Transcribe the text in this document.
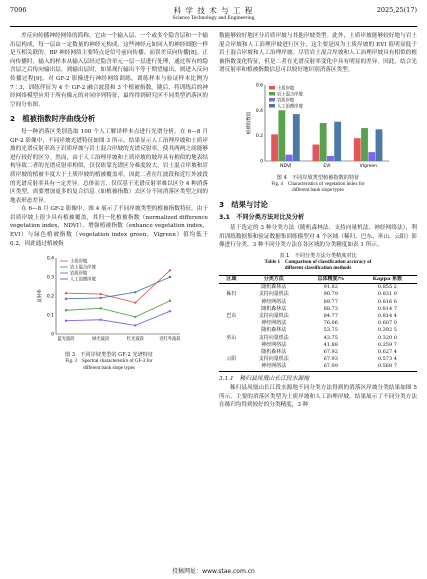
7096	科 学 技 术 与 工 程
Science Technology and Engineering
2025,25(17)

差反向传播神经网络的简称，它由一个输入层、一个或多个隐含层和一个输出层构成，每一层由一定数量的神经元构成，这些神经元如同人的神经细胞一样是互相关联的。BP 神经网络主要特点是信号前向传播、而误差反向传播[8]。正向传播时，输入的样本从输入层经过隐含单元一层一层进行处理，通过所有的隐含层之后传向输出层。到输出层时，如果现行输出不等于期望输出，则进入反向传播过程[9]。对 GF-2 影像进行神经网络训练，训练样本与验证样本比例为 7∶3，训练伴征为 4 个 GF-2 融合波段和 3 个植被指数。随后，将训练后的神经网络模型应用于所有像元的对同序列特征，最终得到研究区不同类型消落区的空间分布图。

2　植被指数时序曲线分析

每一种消落区类别选取 100 个人工解译样本点进行光谱分析。在 6—8 月 GF-2 影像中，不同岸坡光谱特征如图 3 所示。结果显示人工治理岸坡和土质岸坡的光谱反射率高于岩质岸坡与岩土混合岸坡的光谱反射率，使其两两之间能够进行较好的区分。然而，由于人工治理岸坡和土质岸坡的坡岸具有相似的地表结构导致二者的光谱反射率相似，仅仅依靠光谱区分难度较大。岩土混合岸坡和岩质岸坡的植被丰度大于土质岸坡的植被覆盖率，因此二者在红波段和近红外波段的光谱反射率具有一定差异。总体而言，仅仅基于光谱反射率难以区分 4 种消落区类型，需要增加更多的复合信息（如植被指数）去区分不同消落区类型之间的地表形态差异。

在 6—8 月 GF-2 影像中，图 4 展示了不同岸坡类型的植被指数特征。由于岩质岸坡上很少具有植被覆盖，其归一化植被指数（normalized difference vegetation index，NDVI）、增强植被指数（enhance vegetation index，EVI）与绿色植被指数（vegetation index green，Vlgreen）值均低于 0.2，因此通过植被指

0
0.1
0.2
0.3
0.4
蓝光波段	绿光波段	红光波段	近红外波段
反射率
土质岸坡
岩土混合岸坡
岩质岸坡
人工治理岸坡
图 3　不同岸坡类型的 GF-2 光谱特征
Fig. 3　Spectral characteristics of GF-2 for
different bank slope types

数能够较好地区分岩质岸坡与其他岸坡类型。此外，土质岸坡能够较好地与岩土混合岸坡和人工治理岸坡进行区分，这主要是因为土质岸坡的 EVI 值明显低于岩土混合岸坡和人工治理岸坡。尽管岩土混合岸坡和人工治理岸坡具有相似的植被指数变化特征，但是二者在光谱反射率变化中具有明显的差异。因此，结合光谱反射率和植被指数信息可以较好地识别消落区类型。

0
0.2
0.4
0.6
植被指数值
NDVI	EVI	Vlgreen
土质岸坡
岩土混合岸坡
岩质岸坡
人工治理岸坡
图 4　不同岸坡类型植被指数的特征
Fig. 4　Characteristics of vegetation index for
different bank slope types
3　结果与讨论
3.1　不同分类方法对比及分析

基于选定的 3 种分类方法（随机森林法、支持向量机法、神经网络法），利用训练数据集和验证数据集训练模型对 4 个区域（稀归、巴东、巫山、云阳）影像进行分类，3 种不同分类方法在各区域的分类精度如表 1 所示。

表 1　不同分类方法分类精度对比
Table 1　Comparison of classification accuracy of
different classification methods
区域	分类方法	总体精度/%	Kappa 系数
	随机森林法	91.82	0.855 2
秭归	支持向量机法	90.79	0.831 0
	神经网络法	89.77	0.816 6
	随机森林法	88.73	0.814 7
巴东	支持向量机法	84.77	0.814 4
	神经网络法	76.06	0.607 0
	随机森林法	53.75	0.392 5
巫山	支持向量机法	43.75	0.320 0
	神经网络法	41.88	0.259 7
	随机森林法	67.92	0.627 4
云阳	支持向量机法	67.93	0.573 4
	神经网络法	67.09	0.568 7
3.1.1　秭归县凤凰山长江段水源地

秭归县凤凰山长江段水源地不同分类方法得到的消落区岸坡分类结果如图 5 所示。主要的消落区类型为土质岸坡和人工治理岸坡。结果展示了不同分类方法在秭归均得到较好的分类精度，3 种

投稿网址：www.stae.com.cn
